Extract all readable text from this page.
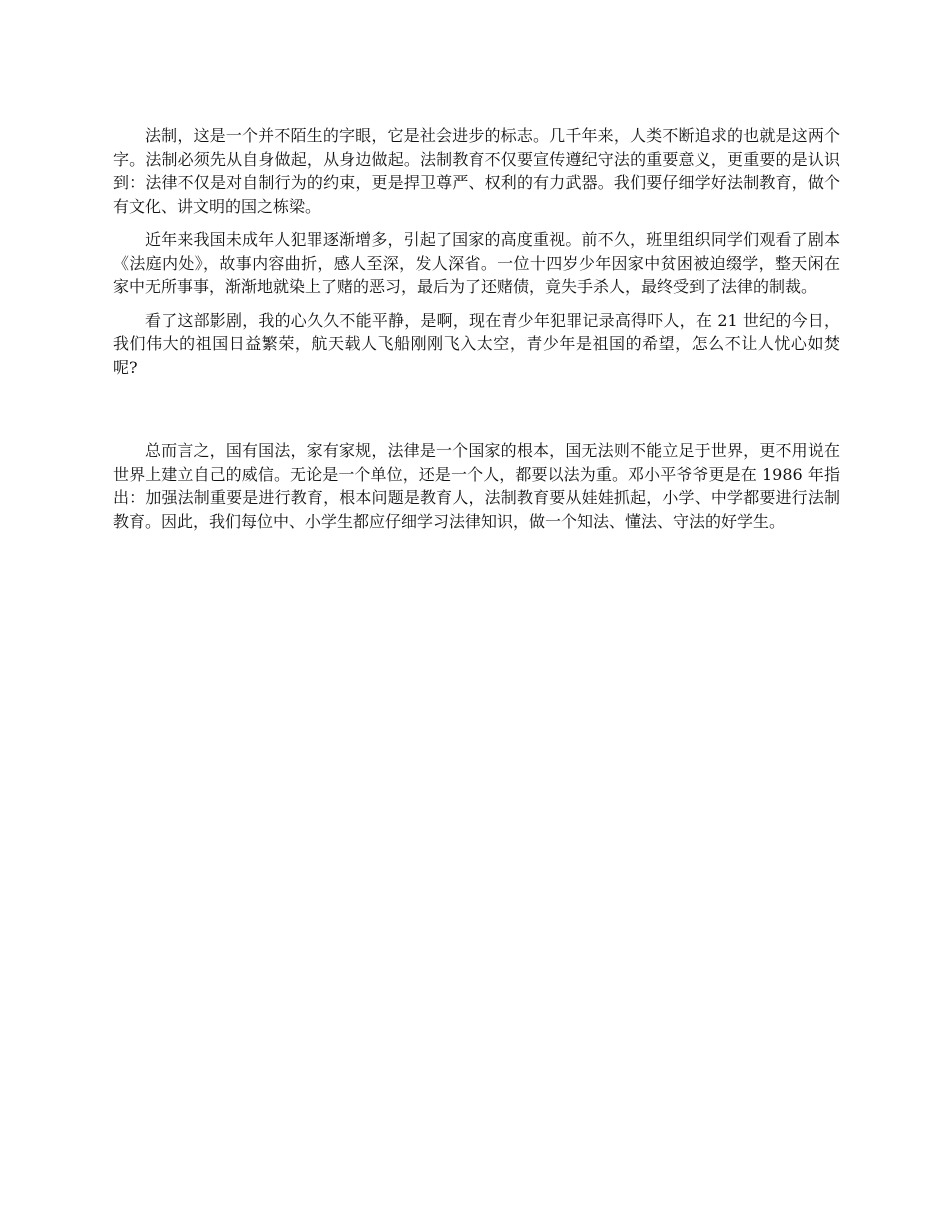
法制，这是一个并不陌生的字眼，它是社会进步的标志。几千年来，人类不断追求的也就是这两个字。法制必须先从自身做起，从身边做起。法制教育不仅要宣传遵纪守法的重要意义，更重要的是认识到：法律不仅是对自制行为的约束，更是捍卫尊严、权利的有力武器。我们要仔细学好法制教育，做个有文化、讲文明的国之栋梁。

近年来我国未成年人犯罪逐渐增多，引起了国家的高度重视。前不久，班里组织同学们观看了剧本《法庭内处》，故事内容曲折，感人至深，发人深省。一位十四岁少年因家中贫困被迫缀学，整天闲在家中无所事事，渐渐地就染上了赌的恶习，最后为了还赌债，竟失手杀人，最终受到了法律的制裁。

看了这部影剧，我的心久久不能平静，是啊，现在青少年犯罪记录高得吓人，在 21 世纪的今日，我们伟大的祖国日益繁荣，航天载人飞船刚刚飞入太空，青少年是祖国的希望，怎么不让人忧心如焚呢?

总而言之，国有国法，家有家规，法律是一个国家的根本，国无法则不能立足于世界，更不用说在世界上建立自己的威信。无论是一个单位，还是一个人，都要以法为重。邓小平爷爷更是在 1986 年指出：加强法制重要是进行教育，根本问题是教育人，法制教育要从娃娃抓起，小学、中学都要进行法制教育。因此，我们每位中、小学生都应仔细学习法律知识，做一个知法、懂法、守法的好学生。
